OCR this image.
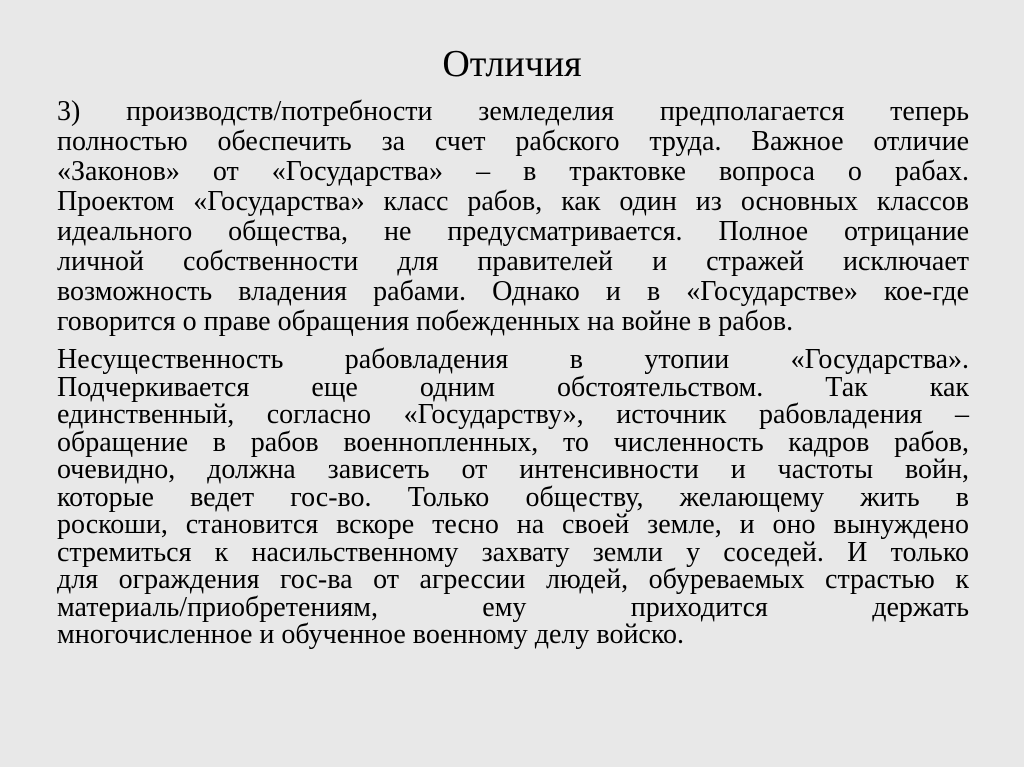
Отличия
3) производств/потребности земледелия предполагается теперь
полностью обеспечить за счет рабского труда. Важное отличие
«Законов» от «Государства» – в трактовке вопроса о рабах.
Проектом «Государства» класс рабов, как один из основных классов
идеального общества, не предусматривается. Полное отрицание
личной собственности для правителей и стражей исключает
возможность владения рабами. Однако и в «Государстве» кое-где
говорится о праве обращения побежденных на войне в рабов.
Несущественность рабовладения в утопии «Государства».
Подчеркивается еще одним обстоятельством. Так как
единственный, согласно «Государству», источник рабовладения –
обращение в рабов военнопленных, то численность кадров рабов,
очевидно, должна зависеть от интенсивности и частоты войн,
которые ведет гос-во. Только обществу, желающему жить в
роскоши, становится вскоре тесно на своей земле, и оно вынуждено
стремиться к насильственному захвату земли у соседей. И только
для ограждения гос-ва от агрессии людей, обуреваемых страстью к
материаль/приобретениям, ему приходится держать
многочисленное и обученное военному делу войско.
